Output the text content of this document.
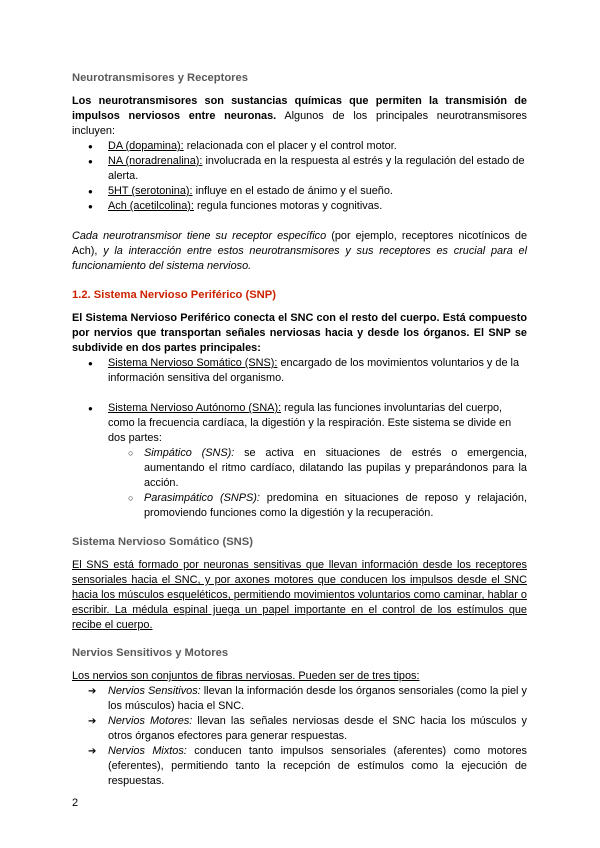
Neurotransmisores y Receptores
Los neurotransmisores son sustancias químicas que permiten la transmisión de impulsos nerviosos entre neuronas. Algunos de los principales neurotransmisores incluyen:
● DA (dopamina): relacionada con el placer y el control motor.
● NA (noradrenalina): involucrada en la respuesta al estrés y la regulación del estado de alerta.
● 5HT (serotonina): influye en el estado de ánimo y el sueño.
● Ach (acetilcolina): regula funciones motoras y cognitivas.
Cada neurotransmisor tiene su receptor específico (por ejemplo, receptores nicotínicos de Ach), y la interacción entre estos neurotransmisores y sus receptores es crucial para el funcionamiento del sistema nervioso.
1.2. Sistema Nervioso Periférico (SNP)
El Sistema Nervioso Periférico conecta el SNC con el resto del cuerpo. Está compuesto por nervios que transportan señales nerviosas hacia y desde los órganos. El SNP se subdivide en dos partes principales:
● Sistema Nervioso Somático (SNS): encargado de los movimientos voluntarios y de la información sensitiva del organismo.
● Sistema Nervioso Autónomo (SNA): regula las funciones involuntarias del cuerpo, como la frecuencia cardíaca, la digestión y la respiración. Este sistema se divide en dos partes:
○ Simpático (SNS): se activa en situaciones de estrés o emergencia, aumentando el ritmo cardíaco, dilatando las pupilas y preparándonos para la acción.
○ Parasimpático (SNPS): predomina en situaciones de reposo y relajación, promoviendo funciones como la digestión y la recuperación.
Sistema Nervioso Somático (SNS)
El SNS está formado por neuronas sensitivas que llevan información desde los receptores sensoriales hacia el SNC, y por axones motores que conducen los impulsos desde el SNC hacia los músculos esqueléticos, permitiendo movimientos voluntarios como caminar, hablar o escribir. La médula espinal juega un papel importante en el control de los estímulos que recibe el cuerpo.
Nervios Sensitivos y Motores
Los nervios son conjuntos de fibras nerviosas. Pueden ser de tres tipos:
➔ Nervios Sensitivos: llevan la información desde los órganos sensoriales (como la piel y los músculos) hacia el SNC.
➔ Nervios Motores: llevan las señales nerviosas desde el SNC hacia los músculos y otros órganos efectores para generar respuestas.
➔ Nervios Mixtos: conducen tanto impulsos sensoriales (aferentes) como motores (eferentes), permitiendo tanto la recepción de estímulos como la ejecución de respuestas.
2
